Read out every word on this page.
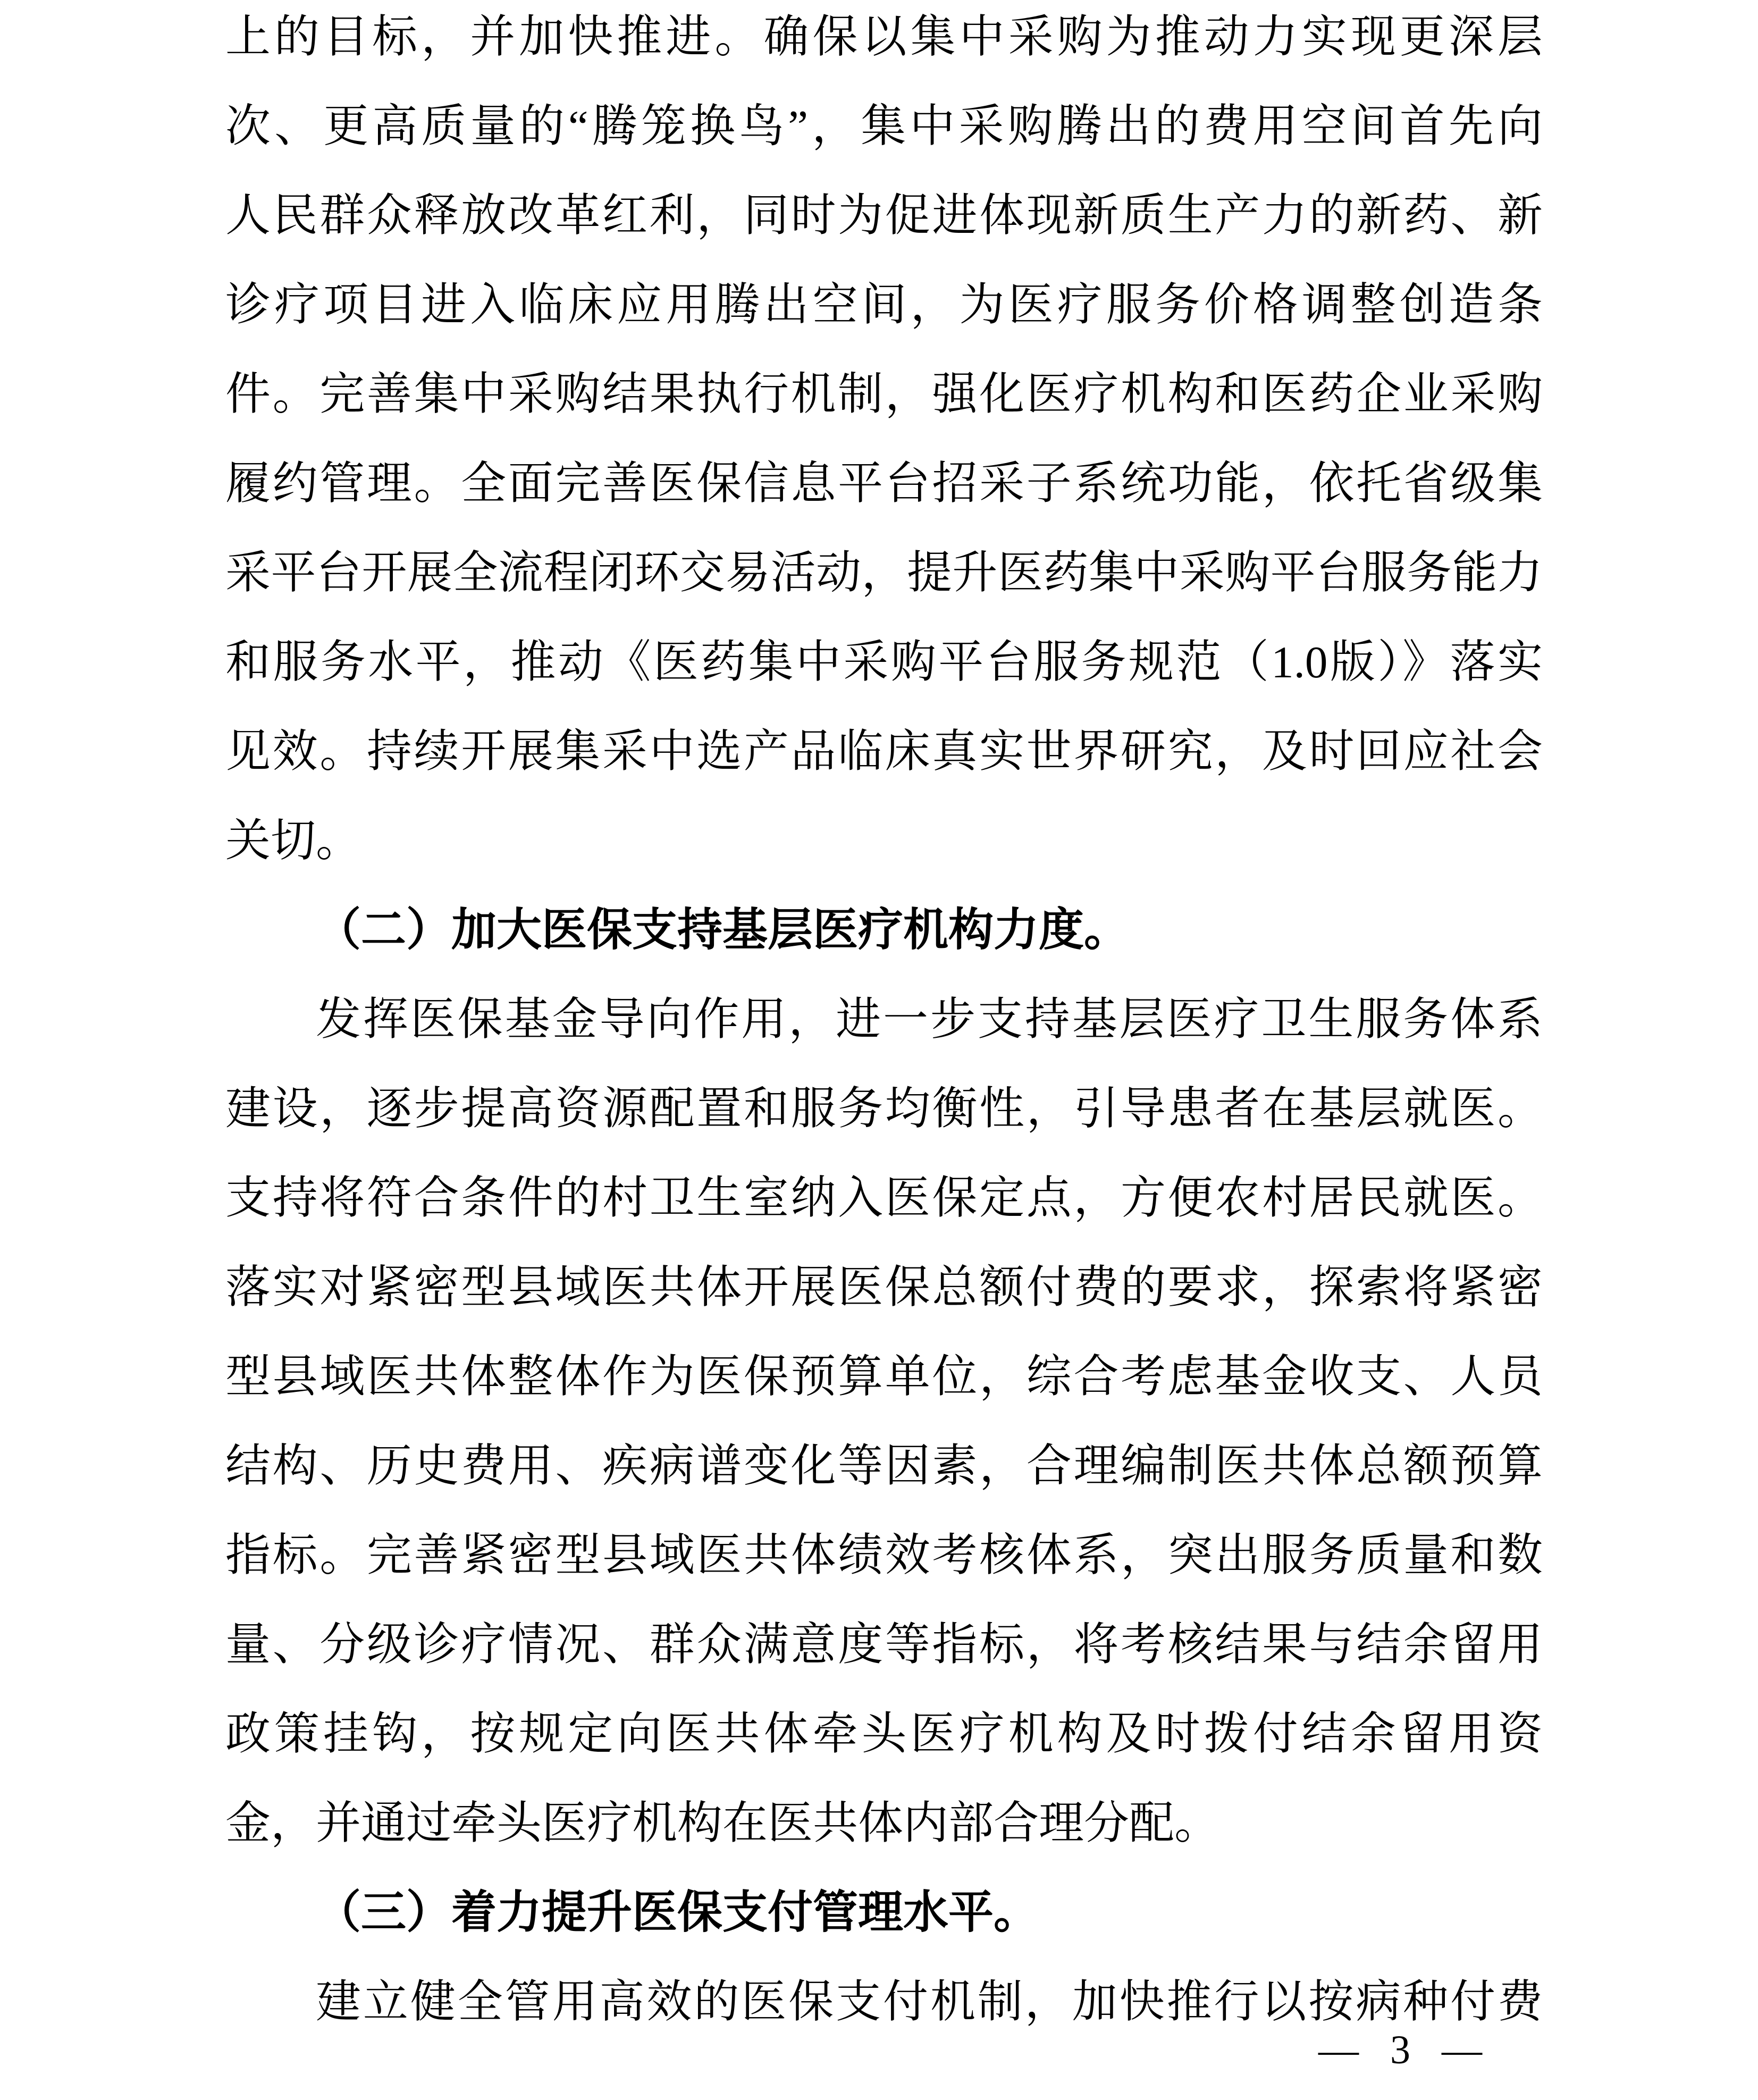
上的目标，并加快推进。确保以集中采购为推动力实现更深层
次、更高质量的“腾笼换鸟”，集中采购腾出的费用空间首先向
人民群众释放改革红利，同时为促进体现新质生产力的新药、新
诊疗项目进入临床应用腾出空间，为医疗服务价格调整创造条
件。完善集中采购结果执行机制，强化医疗机构和医药企业采购
履约管理。全面完善医保信息平台招采子系统功能，依托省级集
采平台开展全流程闭环交易活动，提升医药集中采购平台服务能力
和服务水平，推动《医药集中采购平台服务规范（1.0版）》落实
见效。持续开展集采中选产品临床真实世界研究，及时回应社会
关切。
（二）加大医保支持基层医疗机构力度。
发挥医保基金导向作用，进一步支持基层医疗卫生服务体系
建设，逐步提高资源配置和服务均衡性，引导患者在基层就医。
支持将符合条件的村卫生室纳入医保定点，方便农村居民就医。
落实对紧密型县域医共体开展医保总额付费的要求，探索将紧密
型县域医共体整体作为医保预算单位，综合考虑基金收支、人员
结构、历史费用、疾病谱变化等因素，合理编制医共体总额预算
指标。完善紧密型县域医共体绩效考核体系，突出服务质量和数
量、分级诊疗情况、群众满意度等指标，将考核结果与结余留用
政策挂钩，按规定向医共体牵头医疗机构及时拨付结余留用资
金，并通过牵头医疗机构在医共体内部合理分配。
（三）着力提升医保支付管理水平。
建立健全管用高效的医保支付机制，加快推行以按病种付费
— 3 —
